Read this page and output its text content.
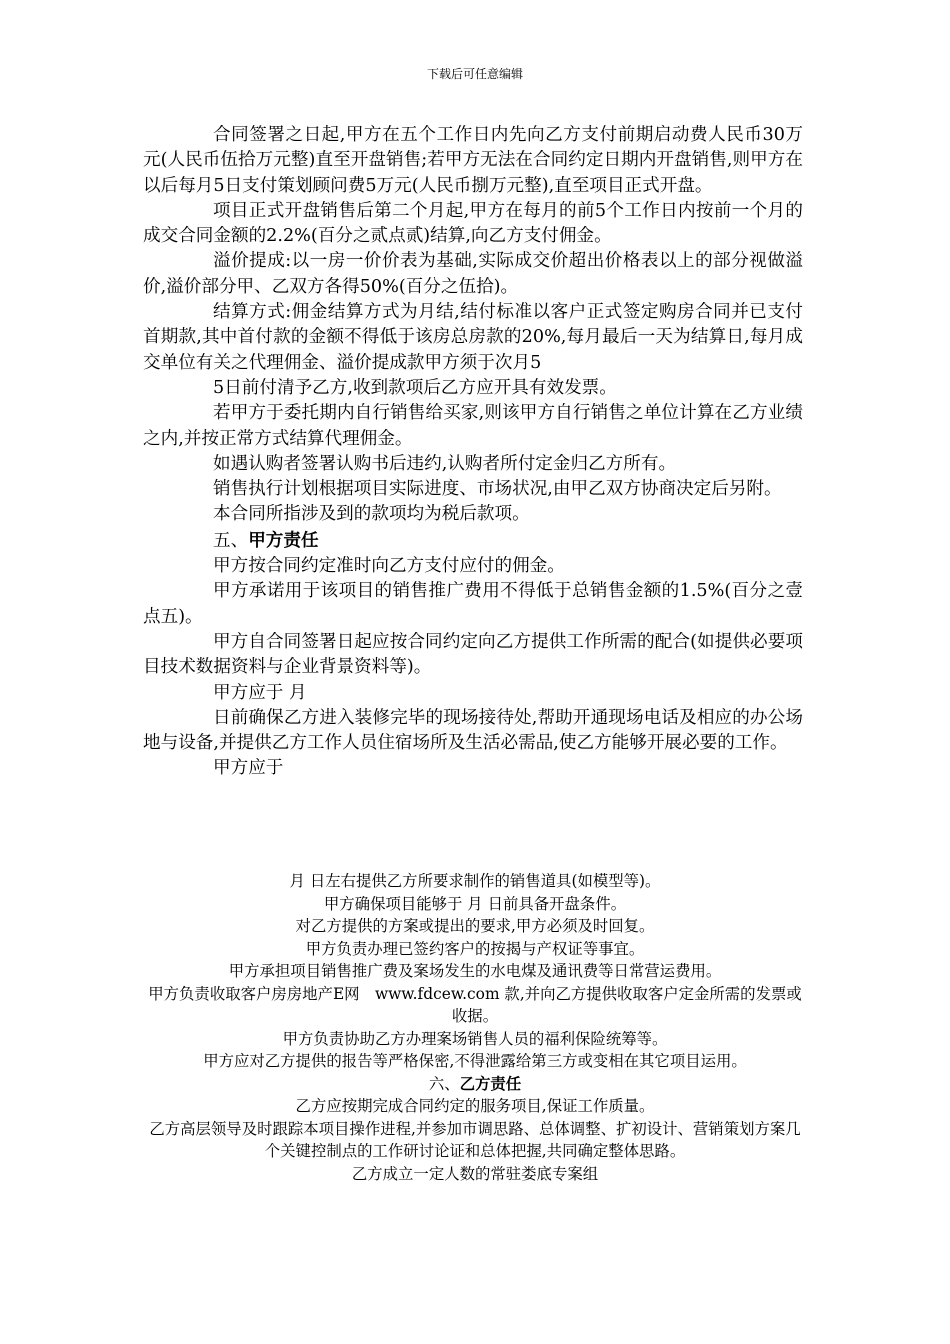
下载后可任意编辑

合同签署之日起,甲方在五个工作日内先向乙方支付前期启动费人民币30万元(人民币伍拾万元整)直至开盘销售;若甲方无法在合同约定日期内开盘销售,则甲方在以后每月5日支付策划顾问费5万元(人民币捌万元整),直至项目正式开盘。

项目正式开盘销售后第二个月起,甲方在每月的前5个工作日内按前一个月的成交合同金额的2.2%(百分之贰点贰)结算,向乙方支付佣金。

溢价提成:以一房一价价表为基础,实际成交价超出价格表以上的部分视做溢价,溢价部分甲、乙双方各得50%(百分之伍拾)。

结算方式:佣金结算方式为月结,结付标准以客户正式签定购房合同并已支付首期款,其中首付款的金额不得低于该房总房款的20%,每月最后一天为结算日,每月成交单位有关之代理佣金、溢价提成款甲方须于次月5

5日前付清予乙方,收到款项后乙方应开具有效发票。

若甲方于委托期内自行销售给买家,则该甲方自行销售之单位计算在乙方业绩之内,并按正常方式结算代理佣金。

如遇认购者签署认购书后违约,认购者所付定金归乙方所有。

销售执行计划根据项目实际进度、市场状况,由甲乙双方协商决定后另附。

本合同所指涉及到的款项均为税后款项。

五、甲方责任

甲方按合同约定准时向乙方支付应付的佣金。

甲方承诺用于该项目的销售推广费用不得低于总销售金额的1.5%(百分之壹点五)。

甲方自合同签署日起应按合同约定向乙方提供工作所需的配合(如提供必要项目技术数据资料与企业背景资料等)。

甲方应于 月

日前确保乙方进入装修完毕的现场接待处,帮助开通现场电话及相应的办公场地与设备,并提供乙方工作人员住宿场所及生活必需品,使乙方能够开展必要的工作。

甲方应于

月 日左右提供乙方所要求制作的销售道具(如模型等)。

甲方确保项目能够于 月 日前具备开盘条件。

对乙方提供的方案或提出的要求,甲方必须及时回复。

甲方负责办理已签约客户的按揭与产权证等事宜。

甲方承担项目销售推广费及案场发生的水电煤及通讯费等日常营运费用。

甲方负责收取客户房房地产E网　www.fdcew.com 款,并向乙方提供收取客户定金所需的发票或收据。

甲方负责协助乙方办理案场销售人员的福利保险统筹等。

甲方应对乙方提供的报告等严格保密,不得泄露给第三方或变相在其它项目运用。

六、乙方责任

乙方应按期完成合同约定的服务项目,保证工作质量。

乙方高层领导及时跟踪本项目操作进程,并参加市调思路、总体调整、扩初设计、营销策划方案几个关键控制点的工作研讨论证和总体把握,共同确定整体思路。

乙方成立一定人数的常驻娄底专案组
